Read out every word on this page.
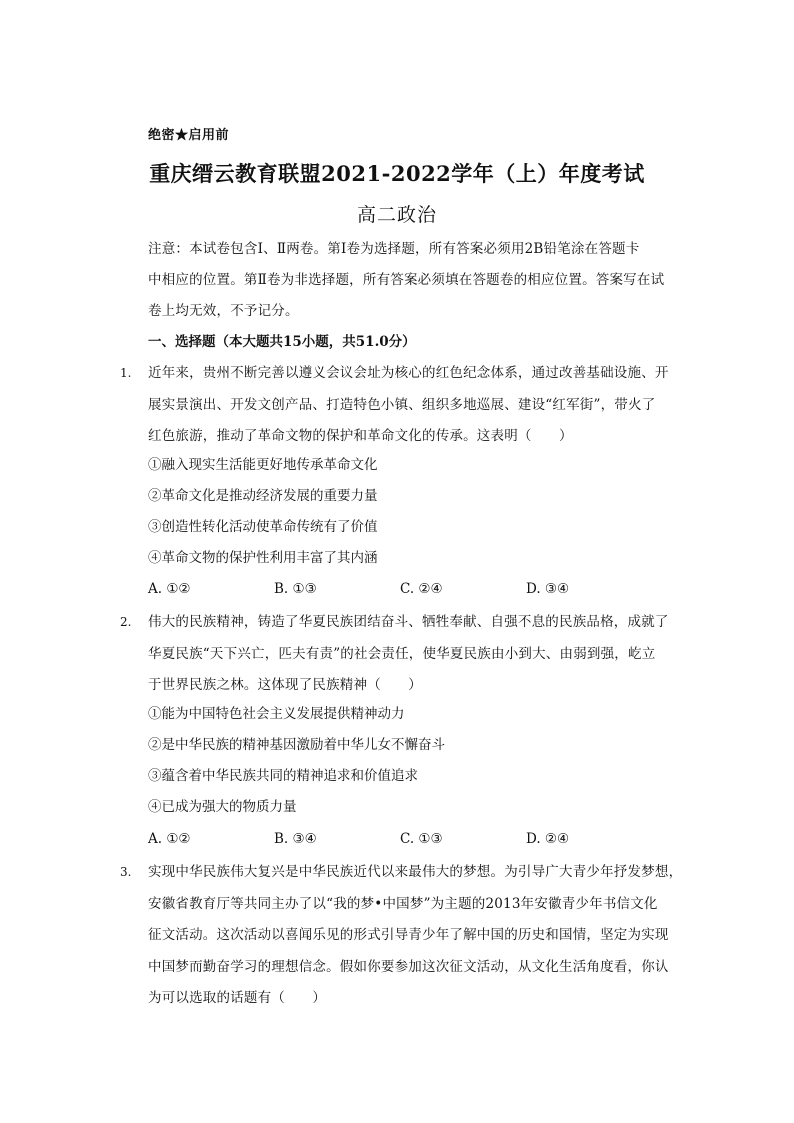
绝密★启用前
重庆缙云教育联盟2021-2022学年（上）年度考试
高二政治

注意：本试卷包含Ⅰ、Ⅱ两卷。第Ⅰ卷为选择题，所有答案必须用2B铅笔涂在答题卡

中相应的位置。第Ⅱ卷为非选择题，所有答案必须填在答题卷的相应位置。答案写在试

卷上均无效，不予记分。

一、选择题（本大题共15小题，共51.0分）
1. 近年来，贵州不断完善以遵义会议会址为核心的红色纪念体系，通过改善基础设施、开

展实景演出、开发文创产品、打造特色小镇、组织多地巡展、建设“红军街”，带火了

红色旅游，推动了革命文物的保护和革命文化的传承。这表明（　　）

①融入现实生活能更好地传承革命文化

②革命文化是推动经济发展的重要力量

③创造性转化活动使革命传统有了价值

④革命文物的保护性利用丰富了其内涵

A. ①②	B. ①③	C. ②④	D. ③④
2. 伟大的民族精神，铸造了华夏民族团结奋斗、牺牲奉献、自强不息的民族品格，成就了

华夏民族“天下兴亡，匹夫有责”的社会责任，使华夏民族由小到大、由弱到强，屹立

于世界民族之林。这体现了民族精神（　　）

①能为中国特色社会主义发展提供精神动力

②是中华民族的精神基因激励着中华儿女不懈奋斗

③蕴含着中华民族共同的精神追求和价值追求

④已成为强大的物质力量

A. ①②	B. ③④	C. ①③	D. ②④
3. 实现中华民族伟大复兴是中华民族近代以来最伟大的梦想。为引导广大青少年抒发梦想，

安徽省教育厅等共同主办了以“我的梦•中国梦”为主题的2013年安徽青少年书信文化

征文活动。这次活动以喜闻乐见的形式引导青少年了解中国的历史和国情，坚定为实现

中国梦而勤奋学习的理想信念。假如你要参加这次征文活动，从文化生活角度看，你认

为可以选取的话题有（　　）
